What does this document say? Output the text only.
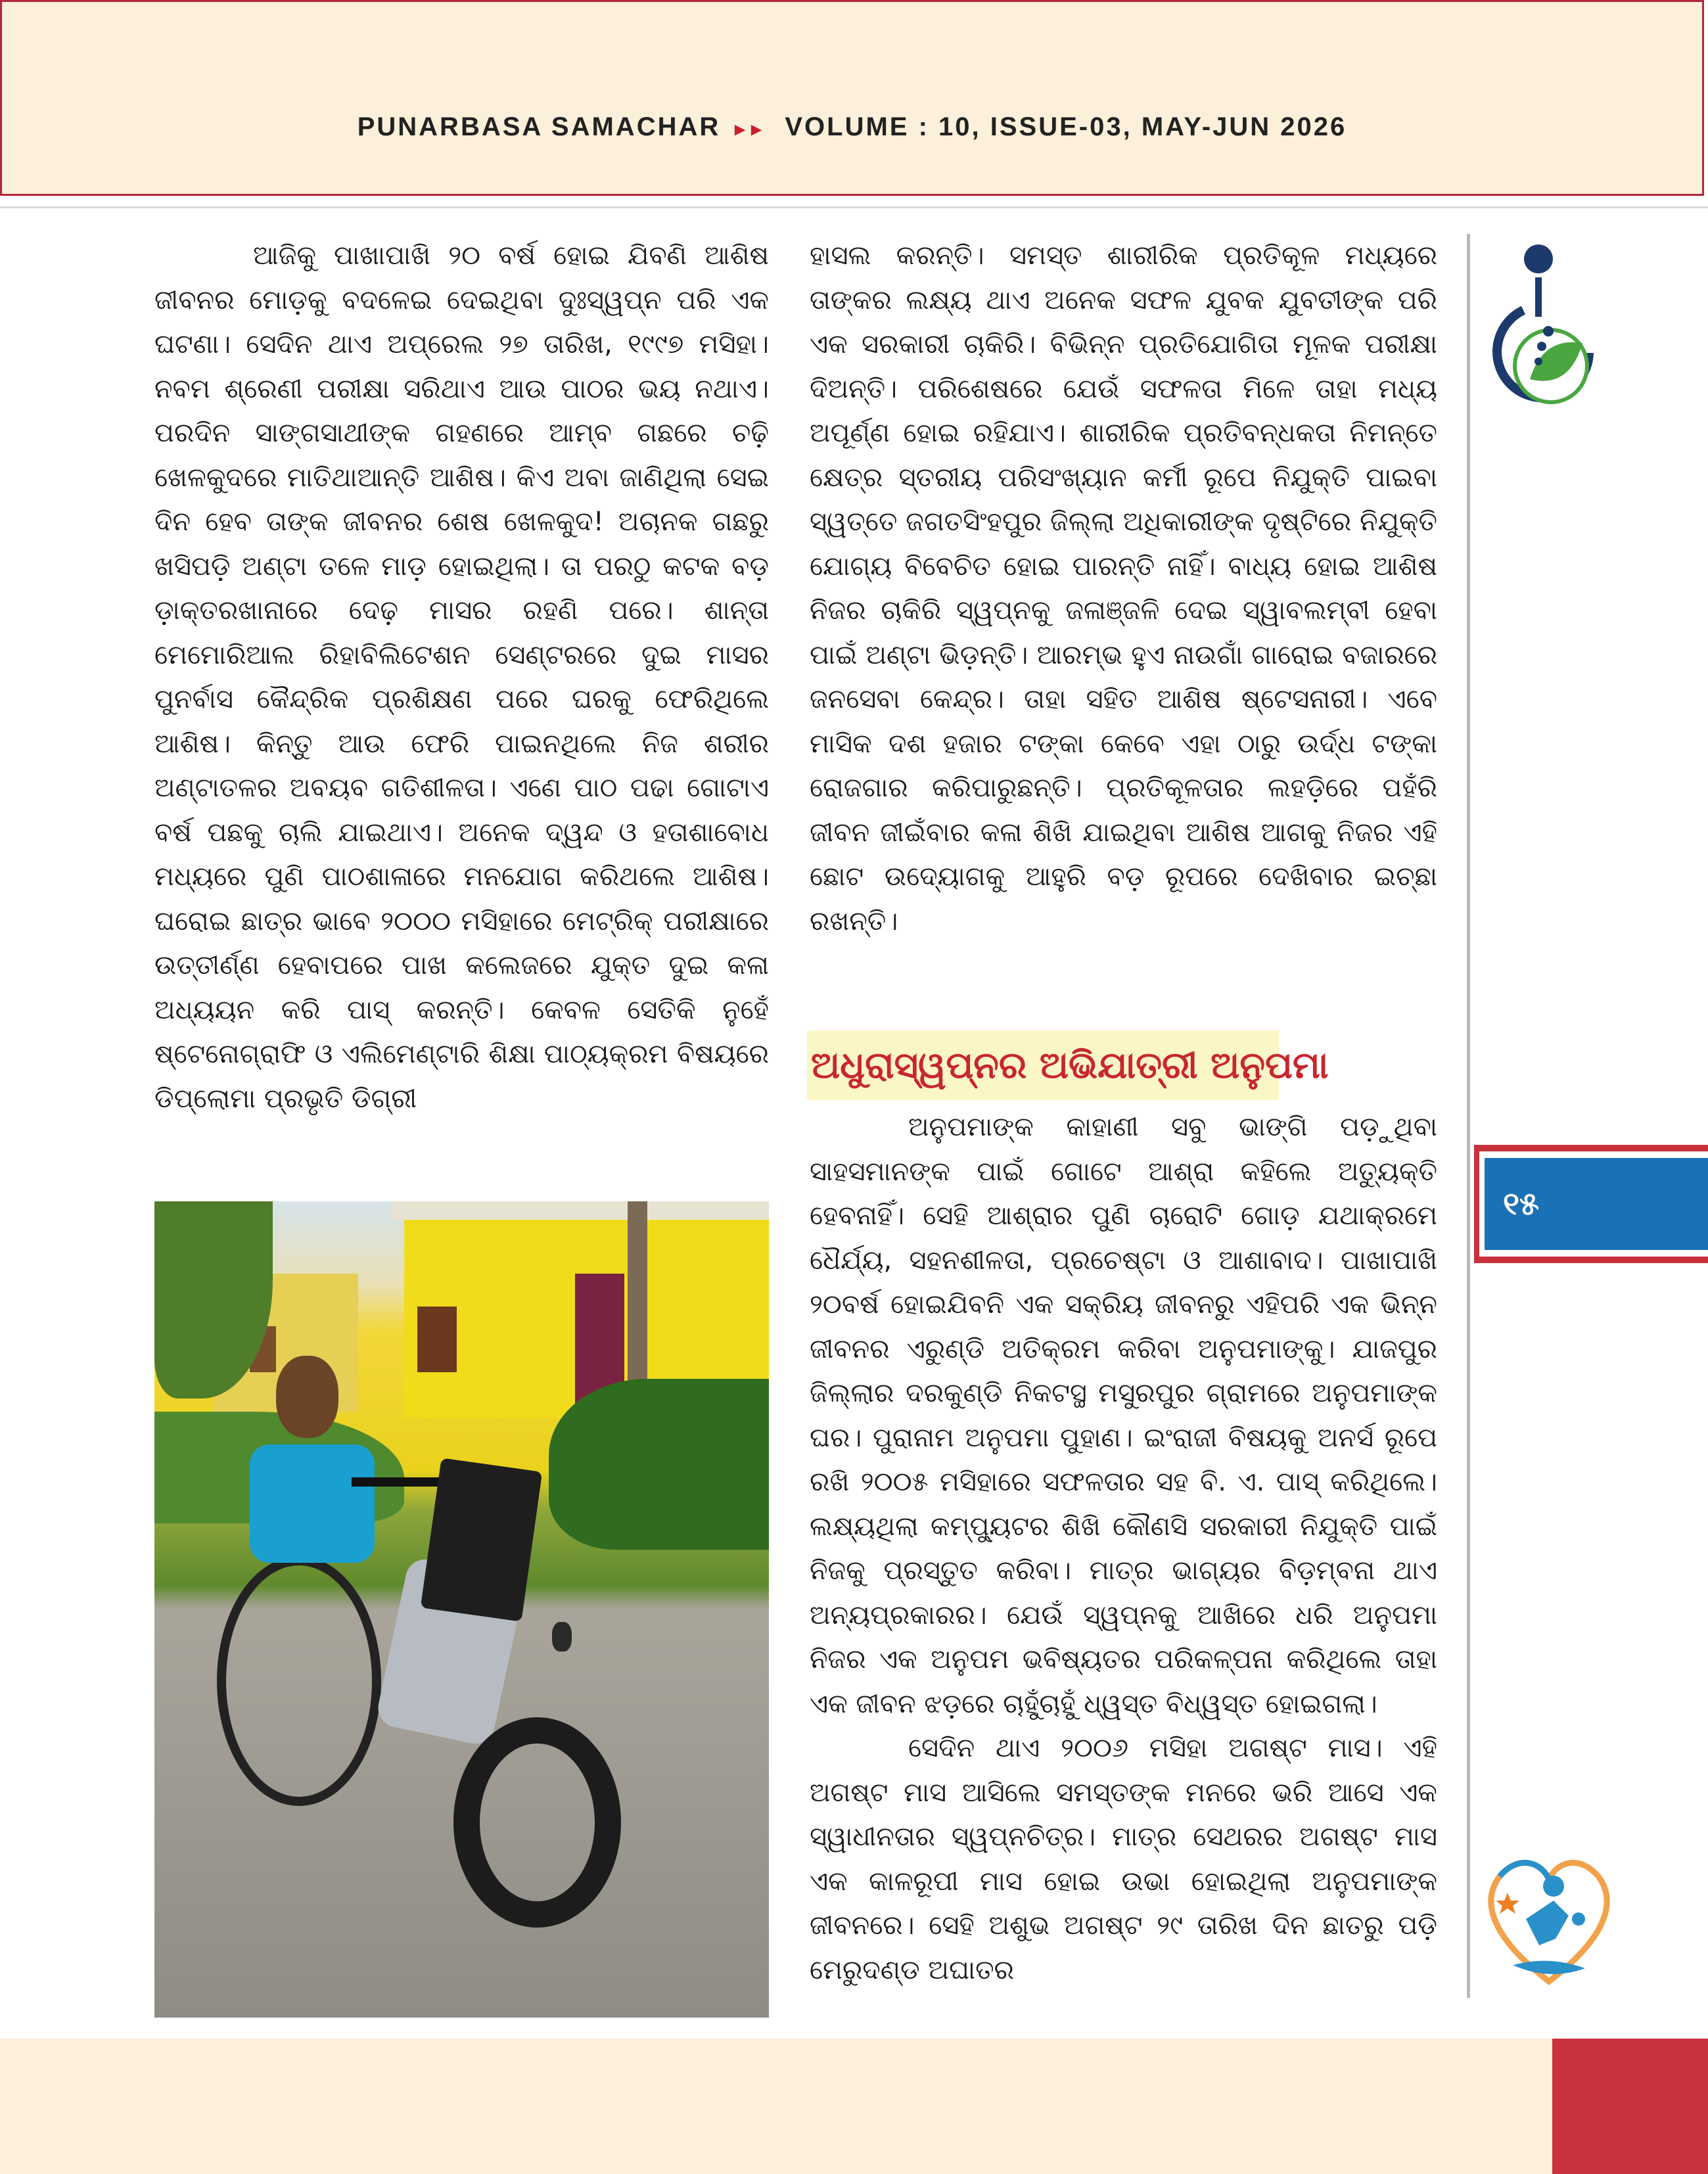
PUNARBASA SAMACHAR ▸▸ VOLUME : 10, ISSUE-03, MAY-JUN 2026

ଆଜିକୁ ପାଖାପାଖି ୨୦ ବର୍ଷ ହୋଇ ଯିବଣି ଆଶିଷ ଜୀବନର ମୋଡ଼କୁ ବଦଳେଇ ଦେଇଥିବା ଦୁଃସ୍ୱପ୍ନ ପରି ଏକ ଘଟଣା। ସେଦିନ ଥାଏ ଅପ୍ରେଲ ୨୭ ତାରିଖ, ୧୯୯୭ ମସିହା। ନବମ ଶ୍ରେଣୀ ପରୀକ୍ଷା ସରିଥାଏ ଆଉ ପାଠର ଭୟ ନଥାଏ। ପରଦିନ ସାଙ୍ଗସାଥୀଙ୍କ ଗହଣରେ ଆମ୍ବ ଗଛରେ ଚଢ଼ି ଖେଳକୁଦରେ ମାତିଥାଆନ୍ତି ଆଶିଷ। କିଏ ଅବା ଜାଣିଥିଲା ସେଇ ଦିନ ହେବ ତାଙ୍କ ଜୀବନର ଶେଷ ଖେଳକୁଦ! ଅଚାନକ ଗଛରୁ ଖସିପଡ଼ି ଅଣ୍ଟା ତଳେ ମାଡ଼ ହୋଇଥିଲା। ତା ପରଠୁ କଟକ ବଡ଼ ଡ଼ାକ୍ତରଖାନାରେ ଦେଢ଼ ମାସର ରହଣି ପରେ। ଶାନ୍ତା ମେମୋରିଆଲ ରିହାବିଲିଟେଶନ ସେଣ୍ଟରରେ ଦୁଇ ମାସର ପୁନର୍ବାସ କୈନ୍ଦ୍ରିକ ପ୍ରଶିକ୍ଷଣ ପରେ ଘରକୁ ଫେରିଥିଲେ ଆଶିଷ। କିନ୍ତୁ ଆଉ ଫେରି ପାଇନଥିଲେ ନିଜ ଶରୀର ଅଣ୍ଟାତଳର ଅବୟବ ଗତିଶୀଳତା। ଏଣେ ପାଠ ପଢା ଗୋଟାଏ ବର୍ଷ ପଛକୁ ଚାଲି ଯାଇଥାଏ। ଅନେକ ଦ୍ୱନ୍ଦ ଓ ହତାଶାବୋଧ ମଧ୍ୟରେ ପୁଣି ପାଠଶାଳାରେ ମନଯୋଗ କରିଥଲେ ଆଶିଷ। ଘରୋଇ ଛାତ୍ର ଭାବେ ୨୦୦୦ ମସିହାରେ ମେଟ୍ରିକ୍ ପରୀକ୍ଷାରେ ଉତ୍ତୀର୍ଣ୍ଣ ହେବାପରେ ପାଖ କଲେଜରେ ଯୁକ୍ତ ଦୁଇ କଳା ଅଧ୍ୟୟନ କରି ପାସ୍ କରନ୍ତି। କେବଳ ସେତିକି ନୁହେଁ ଷ୍ଟେନୋଗ୍ରାଫି ଓ ଏଲିମେଣ୍ଟାରି ଶିକ୍ଷା ପାଠ୍ୟକ୍ରମ ବିଷୟରେ ଡିପ୍ଲୋମା ପ୍ରଭୃତି ଡିଗ୍ରୀ

ହାସଲ କରନ୍ତି। ସମସ୍ତ ଶାରୀରିକ ପ୍ରତିକୂଳ ମଧ୍ୟରେ ତାଙ୍କର ଲକ୍ଷ୍ୟ ଥାଏ ଅନେକ ସଫଳ ଯୁବକ ଯୁବତୀଙ୍କ ପରି ଏକ ସରକାରୀ ଚାକିରି। ବିଭିନ୍ନ ପ୍ରତିଯୋଗିତା ମୂଳକ ପରୀକ୍ଷା ଦିଅନ୍ତି। ପରିଶେଷରେ ଯେଉଁ ସଫଳତା ମିଳେ ତାହା ମଧ୍ୟ ଅପୂର୍ଣ୍ଣ ହୋଇ ରହିଯାଏ। ଶାରୀରିକ ପ୍ରତିବନ୍ଧକତା ନିମନ୍ତେ କ୍ଷେତ୍ର ସ୍ତରୀୟ ପରିସଂଖ୍ୟାନ କର୍ମୀ ରୂପେ ନିଯୁକ୍ତି ପାଇବା ସ୍ୱତ୍ତେ ଜଗତସିଂହପୁର ଜିଲ୍ଲା ଅଧିକାରୀଙ୍କ ଦୃଷ୍ଟିରେ ନିଯୁକ୍ତି ଯୋଗ୍ୟ ବିବେଚିତ ହୋଇ ପାରନ୍ତି ନାହିଁ। ବାଧ୍ୟ ହୋଇ ଆଶିଷ ନିଜର ଚାକିରି ସ୍ୱପ୍ନକୁ ଜଳାଞ୍ଜଳି ଦେଇ ସ୍ୱାବଲମ୍ବୀ ହେବା ପାଇଁ ଅଣ୍ଟା ଭିଡ଼ନ୍ତି। ଆରମ୍ଭ ହୁଏ ନାଉଗାଁ ଗାରୋଇ ବଜାରରେ ଜନସେବା କେନ୍ଦ୍ର। ତାହା ସହିତ ଆଶିଷ ଷ୍ଟେସନାରୀ। ଏବେ ମାସିକ ଦଶ ହଜାର ଟଙ୍କା କେବେ ଏହା ଠାରୁ ଉର୍ଦ୍ଧ ଟଙ୍କା ରୋଜଗାର କରିପାରୁଛନ୍ତି। ପ୍ରତିକୂଳତାର ଲହଡ଼ିରେ ପହଁରି ଜୀବନ ଜୀଇଁବାର କଳା ଶିଖି ଯାଇଥିବା ଆଶିଷ ଆଗକୁ ନିଜର ଏହି ଛୋଟ ଉଦ୍ୟୋଗକୁ ଆହୁରି ବଡ଼ ରୂପରେ ଦେଖିବାର ଇଚ୍ଛା ରଖନ୍ତି।

ଅଧୁରାସ୍ୱପ୍ନର ଅଭିଯାତ୍ରୀ ଅନୁପମା

ଅନୁପମାଙ୍କ କାହାଣୀ ସବୁ ଭାଙ୍ଗି ପଡ଼ୁଥିବା ସାହସମାନଙ୍କ ପାଇଁ ଗୋଟେ ଆଶ୍ରା କହିଲେ ଅତ୍ୟୁକ୍ତି ହେବନାହିଁ। ସେହି ଆଶ୍ରାର ପୁଣି ଚାରୋଟି ଗୋଡ଼ ଯଥାକ୍ରମେ ଧୈର୍ଯ୍ୟ, ସହନଶୀଳତା, ପ୍ରଚେଷ୍ଟା ଓ ଆଶାବାଦ। ପାଖାପାଖି ୨୦ବର୍ଷ ହୋଇଯିବନି ଏକ ସକ୍ରିୟ ଜୀବନରୁ ଏହିପରି ଏକ ଭିନ୍ନ ଜୀବନର ଏରୁଣ୍ଡି ଅତିକ୍ରମ କରିବା ଅନୁପମାଙ୍କୁ। ଯାଜପୁର ଜିଲ୍ଲାର ଦରକୁଣ୍ଡି ନିକଟସ୍ଥ ମସୁରପୁର ଗ୍ରାମରେ ଅନୁପମାଙ୍କ ଘର। ପୁରାନାମ ଅନୁପମା ପୁହାଣ। ଇଂରାଜୀ ବିଷୟକୁ ଅନର୍ସ ରୂପେ ରଖି ୨୦୦୫ ମସିହାରେ ସଫଳତାର ସହ ବି. ଏ. ପାସ୍ କରିଥିଲେ। ଲକ୍ଷ୍ୟଥିଲା କମ୍ପ୍ୟୁଟର ଶିଖି କୌଣସି ସରକାରୀ ନିଯୁକ୍ତି ପାଇଁ ନିଜକୁ ପ୍ରସ୍ତୁତ କରିବା। ମାତ୍ର ଭାଗ୍ୟର ବିଡ଼ମ୍ବନା ଥାଏ ଅନ୍ୟପ୍ରକାରର। ଯେଉଁ ସ୍ୱପ୍ନକୁ ଆଖିରେ ଧରି ଅନୁପମା ନିଜର ଏକ ଅନୁପମ ଭବିଷ୍ୟତର ପରିକଳ୍ପନା କରିଥିଲେ ତାହା ଏକ ଜୀବନ ଝଡ଼ରେ ଚାହୁଁଚାହୁଁ ଧ୍ୱସ୍ତ ବିଧ୍ୱସ୍ତ ହୋଇଗଲା।

ସେଦିନ ଥାଏ ୨୦୦୬ ମସିହା ଅଗଷ୍ଟ ମାସ। ଏହି ଅଗଷ୍ଟ ମାସ ଆସିଲେ ସମସ୍ତଙ୍କ ମନରେ ଭରି ଆସେ ଏକ ସ୍ୱାଧୀନତାର ସ୍ୱପ୍ନଚିତ୍ର। ମାତ୍ର ସେଥରର ଅଗଷ୍ଟ ମାସ ଏକ କାଳରୂପୀ ମାସ ହୋଇ ଉଭା ହୋଇଥିଲା ଅନୁପମାଙ୍କ ଜୀବନରେ। ସେହି ଅଶୁଭ ଅଗଷ୍ଟ ୨୯ ତାରିଖ ଦିନ ଛାତରୁ ପଡ଼ି ମେରୁଦଣ୍ଡ ଅଘାତର

୧୫
